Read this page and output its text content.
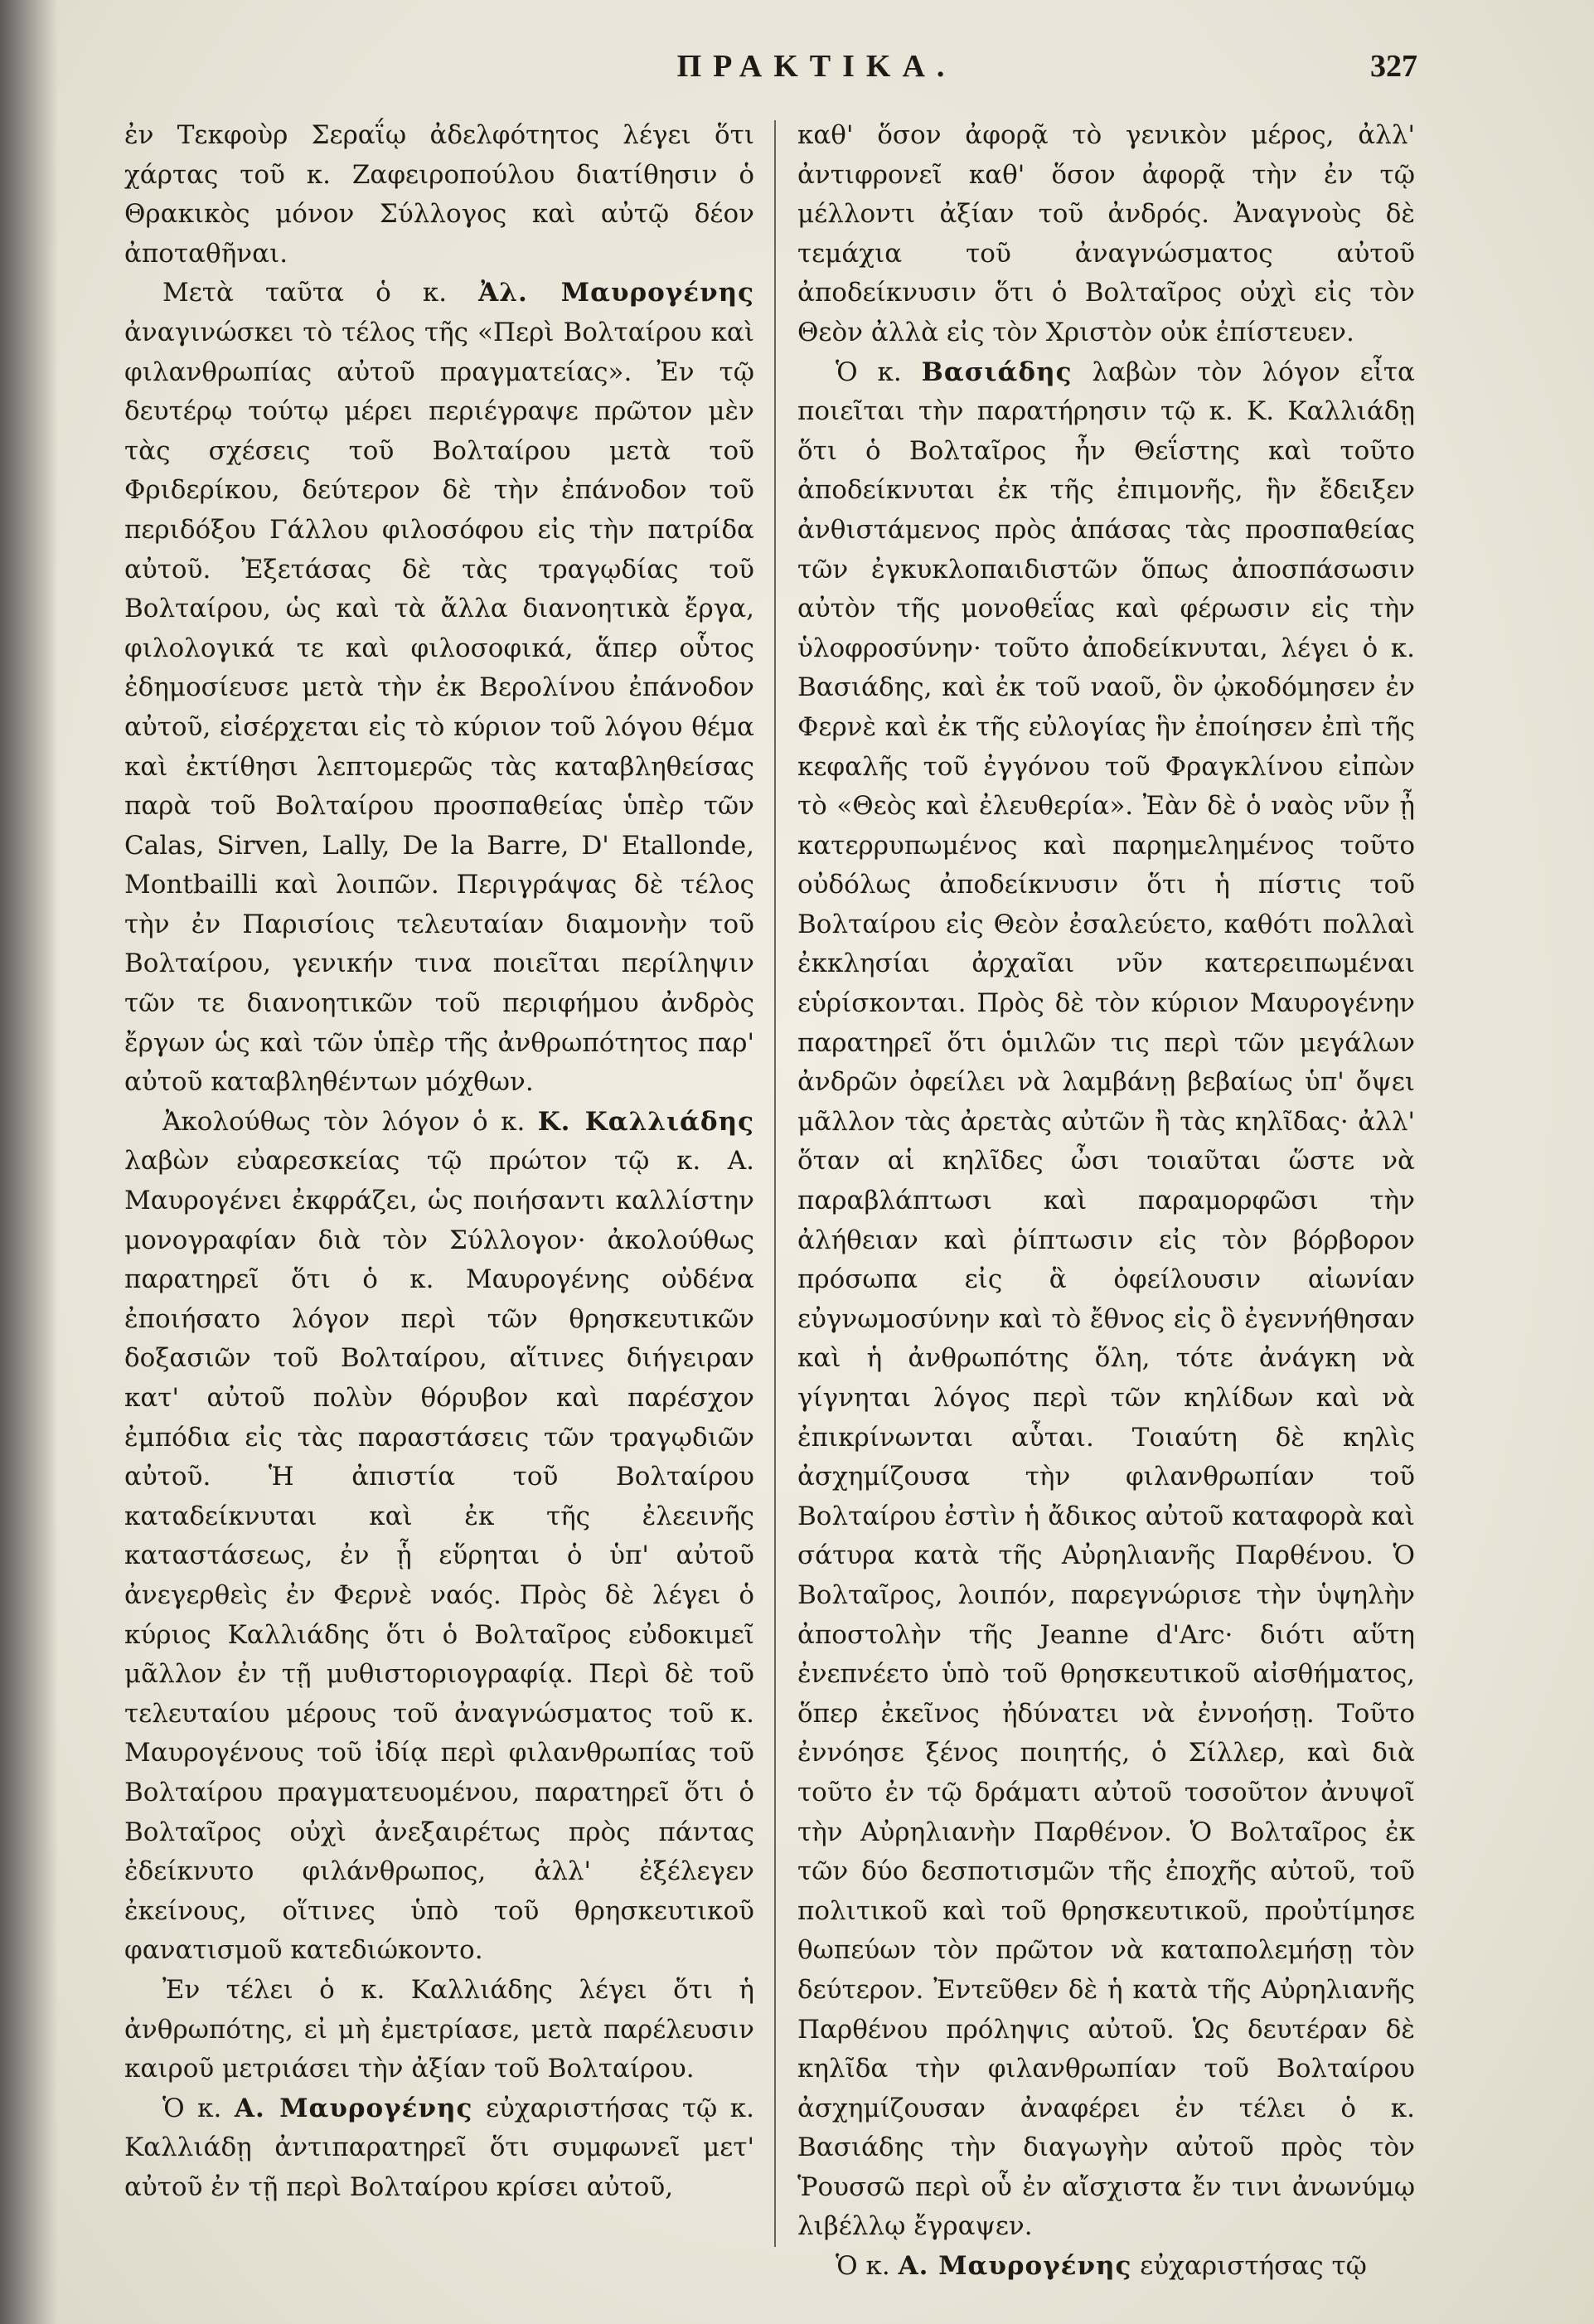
ΠΡΑΚΤΙΚΑ.	327

ἐν Τεκφοὺρ Σεραΐῳ ἀδελφότητος λέγει ὅτι χάρτας τοῦ κ. Ζαφειροπούλου διατίθησιν ὁ Θρακικὸς μόνον Σύλλογος καὶ αὐτῷ δέον ἀποταθῆναι.

Μετὰ ταῦτα ὁ κ. Ἀλ. Μαυρογένης ἀναγινώσκει τὸ τέλος τῆς «Περὶ Βολταίρου καὶ φιλανθρωπίας αὐτοῦ πραγματείας». Ἐν τῷ δευτέρῳ τούτῳ μέρει περιέγραψε πρῶτον μὲν τὰς σχέσεις τοῦ Βολταίρου μετὰ τοῦ Φριδερίκου, δεύτερον δὲ τὴν ἐπάνοδον τοῦ περιδόξου Γάλλου φιλοσόφου εἰς τὴν πατρίδα αὐτοῦ. Ἐξετάσας δὲ τὰς τραγῳδίας τοῦ Βολταίρου, ὡς καὶ τὰ ἄλλα διανοητικὰ ἔργα, φιλολογικά τε καὶ φιλοσοφικά, ἅπερ οὗτος ἐδημοσίευσε μετὰ τὴν ἐκ Βερολίνου ἐπάνοδον αὐτοῦ, εἰσέρχεται εἰς τὸ κύριον τοῦ λόγου θέμα καὶ ἐκτίθησι λεπτομερῶς τὰς καταβληθείσας παρὰ τοῦ Βολταίρου προσπαθείας ὑπὲρ τῶν Calas, Sirven, Lally, De la Barre, D' Etallonde, Montbailli καὶ λοιπῶν. Περιγράψας δὲ τέλος τὴν ἐν Παρισίοις τελευταίαν διαμονὴν τοῦ Βολταίρου, γενικήν τινα ποιεῖται περίληψιν τῶν τε διανοητικῶν τοῦ περιφήμου ἀνδρὸς ἔργων ὡς καὶ τῶν ὑπὲρ τῆς ἀνθρωπότητος παρ' αὐτοῦ καταβληθέντων μόχθων.

Ἀκολούθως τὸν λόγον ὁ κ. Κ. Καλλιάδης λαβὼν εὐαρεσκείας τῷ πρώτον τῷ κ. Α. Μαυρογένει ἐκφράζει, ὡς ποιήσαντι καλλίστην μονογραφίαν διὰ τὸν Σύλλογον· ἀκολούθως παρατηρεῖ ὅτι ὁ κ. Μαυρογένης οὐδένα ἐποιήσατο λόγον περὶ τῶν θρησκευτικῶν δοξασιῶν τοῦ Βολταίρου, αἵτινες διήγειραν κατ' αὐτοῦ πολὺν θόρυβον καὶ παρέσχον ἐμπόδια εἰς τὰς παραστάσεις τῶν τραγῳδιῶν αὐτοῦ. Ἡ ἀπιστία τοῦ Βολταίρου καταδείκνυται καὶ ἐκ τῆς ἐλεεινῆς καταστάσεως, ἐν ᾗ εὕρηται ὁ ὑπ' αὐτοῦ ἀνεγερθεὶς ἐν Φερνὲ ναός. Πρὸς δὲ λέγει ὁ κύριος Καλλιάδης ὅτι ὁ Βολταῖρος εὐδοκιμεῖ μᾶλλον ἐν τῇ μυθιστοριογραφίᾳ. Περὶ δὲ τοῦ τελευταίου μέρους τοῦ ἀναγνώσματος τοῦ κ. Μαυρογένους τοῦ ἰδίᾳ περὶ φιλανθρωπίας τοῦ Βολταίρου πραγματευομένου, παρατηρεῖ ὅτι ὁ Βολταῖρος οὐχὶ ἀνεξαιρέτως πρὸς πάντας ἐδείκνυτο φιλάνθρωπος, ἀλλ' ἐξέλεγεν ἐκείνους, οἵτινες ὑπὸ τοῦ θρησκευτικοῦ φανατισμοῦ κατεδιώκοντο.

Ἐν τέλει ὁ κ. Καλλιάδης λέγει ὅτι ἡ ἀνθρωπότης, εἰ μὴ ἐμετρίασε, μετὰ παρέλευσιν καιροῦ μετριάσει τὴν ἀξίαν τοῦ Βολταίρου.

Ὁ κ. Α. Μαυρογένης εὐχαριστήσας τῷ κ. Καλλιάδῃ ἀντιπαρατηρεῖ ὅτι συμφωνεῖ μετ' αὐτοῦ ἐν τῇ περὶ Βολταίρου κρίσει αὐτοῦ,

καθ' ὅσον ἀφορᾷ τὸ γενικὸν μέρος, ἀλλ' ἀντιφρονεῖ καθ' ὅσον ἀφορᾷ τὴν ἐν τῷ μέλλοντι ἀξίαν τοῦ ἀνδρός. Ἀναγνοὺς δὲ τεμάχια τοῦ ἀναγνώσματος αὐτοῦ ἀποδείκνυσιν ὅτι ὁ Βολταῖρος οὐχὶ εἰς τὸν Θεὸν ἀλλὰ εἰς τὸν Χριστὸν οὐκ ἐπίστευεν.

Ὁ κ. Βασιάδης λαβὼν τὸν λόγον εἶτα ποιεῖται τὴν παρατήρησιν τῷ κ. Κ. Καλλιάδῃ ὅτι ὁ Βολταῖρος ἦν Θεΐστης καὶ τοῦτο ἀποδείκνυται ἐκ τῆς ἐπιμονῆς, ἣν ἔδειξεν ἀνθιστάμενος πρὸς ἁπάσας τὰς προσπαθείας τῶν ἐγκυκλοπαιδιστῶν ὅπως ἀποσπάσωσιν αὐτὸν τῆς μονοθεΐας καὶ φέρωσιν εἰς τὴν ὑλοφροσύνην· τοῦτο ἀποδείκνυται, λέγει ὁ κ. Βασιάδης, καὶ ἐκ τοῦ ναοῦ, ὃν ᾠκοδόμησεν ἐν Φερνὲ καὶ ἐκ τῆς εὐλογίας ἣν ἐποίησεν ἐπὶ τῆς κεφαλῆς τοῦ ἐγγόνου τοῦ Φραγκλίνου εἰπὼν τὸ «Θεὸς καὶ ἐλευθερία». Ἐὰν δὲ ὁ ναὸς νῦν ᾖ κατερρυπωμένος καὶ παρημελημένος τοῦτο οὐδόλως ἀποδείκνυσιν ὅτι ἡ πίστις τοῦ Βολταίρου εἰς Θεὸν ἐσαλεύετο, καθότι πολλαὶ ἐκκλησίαι ἀρχαῖαι νῦν κατερειπωμέναι εὑρίσκονται. Πρὸς δὲ τὸν κύριον Μαυρογένην παρατηρεῖ ὅτι ὁμιλῶν τις περὶ τῶν μεγάλων ἀνδρῶν ὀφείλει νὰ λαμβάνῃ βεβαίως ὑπ' ὄψει μᾶλλον τὰς ἀρετὰς αὐτῶν ἢ τὰς κηλῖδας· ἀλλ' ὅταν αἱ κηλῖδες ὦσι τοιαῦται ὥστε νὰ παραβλάπτωσι καὶ παραμορφῶσι τὴν ἀλήθειαν καὶ ῥίπτωσιν εἰς τὸν βόρβορον πρόσωπα εἰς ἃ ὀφείλουσιν αἰωνίαν εὐγνωμοσύνην καὶ τὸ ἔθνος εἰς ὃ ἐγεννήθησαν καὶ ἡ ἀνθρωπότης ὅλη, τότε ἀνάγκη νὰ γίγνηται λόγος περὶ τῶν κηλίδων καὶ νὰ ἐπικρίνωνται αὗται. Τοιαύτη δὲ κηλὶς ἀσχημίζουσα τὴν φιλανθρωπίαν τοῦ Βολταίρου ἐστὶν ἡ ἄδικος αὐτοῦ καταφορὰ καὶ σάτυρα κατὰ τῆς Αὐρηλιανῆς Παρθένου. Ὁ Βολταῖρος, λοιπόν, παρεγνώρισε τὴν ὑψηλὴν ἀποστολὴν τῆς Jeanne d'Arc· διότι αὕτη ἐνεπνέετο ὑπὸ τοῦ θρησκευτικοῦ αἰσθήματος, ὅπερ ἐκεῖνος ἠδύνατει νὰ ἐννοήσῃ. Τοῦτο ἐννόησε ξένος ποιητής, ὁ Σίλλερ, καὶ διὰ τοῦτο ἐν τῷ δράματι αὐτοῦ τοσοῦτον ἀνυψοῖ τὴν Αὐρηλιανὴν Παρθένον. Ὁ Βολταῖρος ἐκ τῶν δύο δεσποτισμῶν τῆς ἐποχῆς αὐτοῦ, τοῦ πολιτικοῦ καὶ τοῦ θρησκευτικοῦ, προὐτίμησε θωπεύων τὸν πρῶτον νὰ καταπολεμήσῃ τὸν δεύτερον. Ἐντεῦθεν δὲ ἡ κατὰ τῆς Αὐρηλιανῆς Παρθένου πρόληψις αὐτοῦ. Ὡς δευτέραν δὲ κηλῖδα τὴν φιλανθρωπίαν τοῦ Βολταίρου ἀσχημίζουσαν ἀναφέρει ἐν τέλει ὁ κ. Βασιάδης τὴν διαγωγὴν αὐτοῦ πρὸς τὸν Ῥουσσῶ περὶ οὗ ἐν αἴσχιστα ἔν τινι ἀνωνύμῳ λιβέλλῳ ἔγραψεν.

Ὁ κ. Α. Μαυρογένης εὐχαριστήσας τῷ
